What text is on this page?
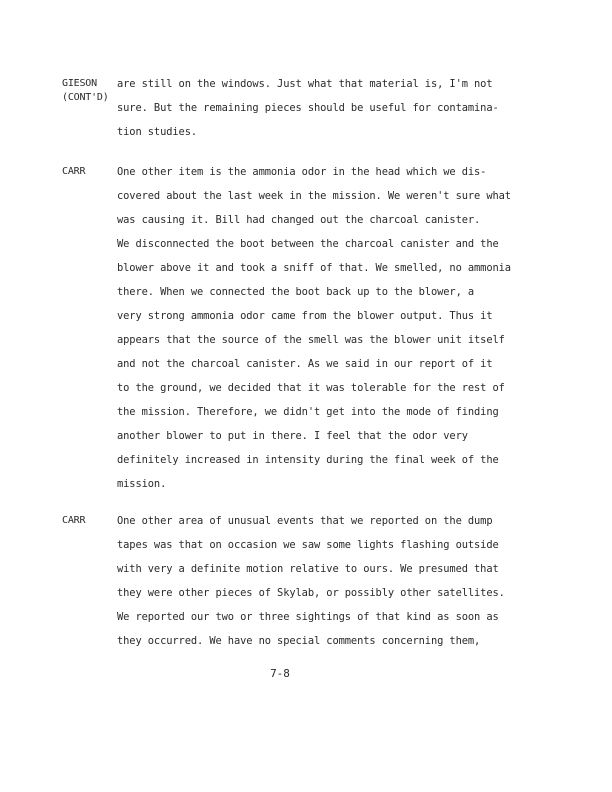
GIESON
(CONT'D)
are still on the windows. Just what that material is, I'm not
sure. But the remaining pieces should be useful for contamina-
tion studies.
CARR	One other item is the ammonia odor in the head which we dis-
covered about the last week in the mission. We weren't sure what
was causing it. Bill had changed out the charcoal canister.
We disconnected the boot between the charcoal canister and the
blower above it and took a sniff of that. We smelled, no ammonia
there. When we connected the boot back up to the blower, a
very strong ammonia odor came from the blower output. Thus it
appears that the source of the smell was the blower unit itself
and not the charcoal canister. As we said in our report of it
to the ground, we decided that it was tolerable for the rest of
the mission. Therefore, we didn't get into the mode of finding
another blower to put in there. I feel that the odor very
definitely increased in intensity during the final week of the
mission.
CARR	One other area of unusual events that we reported on the dump
tapes was that on occasion we saw some lights flashing outside
with very a definite motion relative to ours. We presumed that
they were other pieces of Skylab, or possibly other satellites.
We reported our two or three sightings of that kind as soon as
they occurred. We have no special comments concerning them,
7-8
